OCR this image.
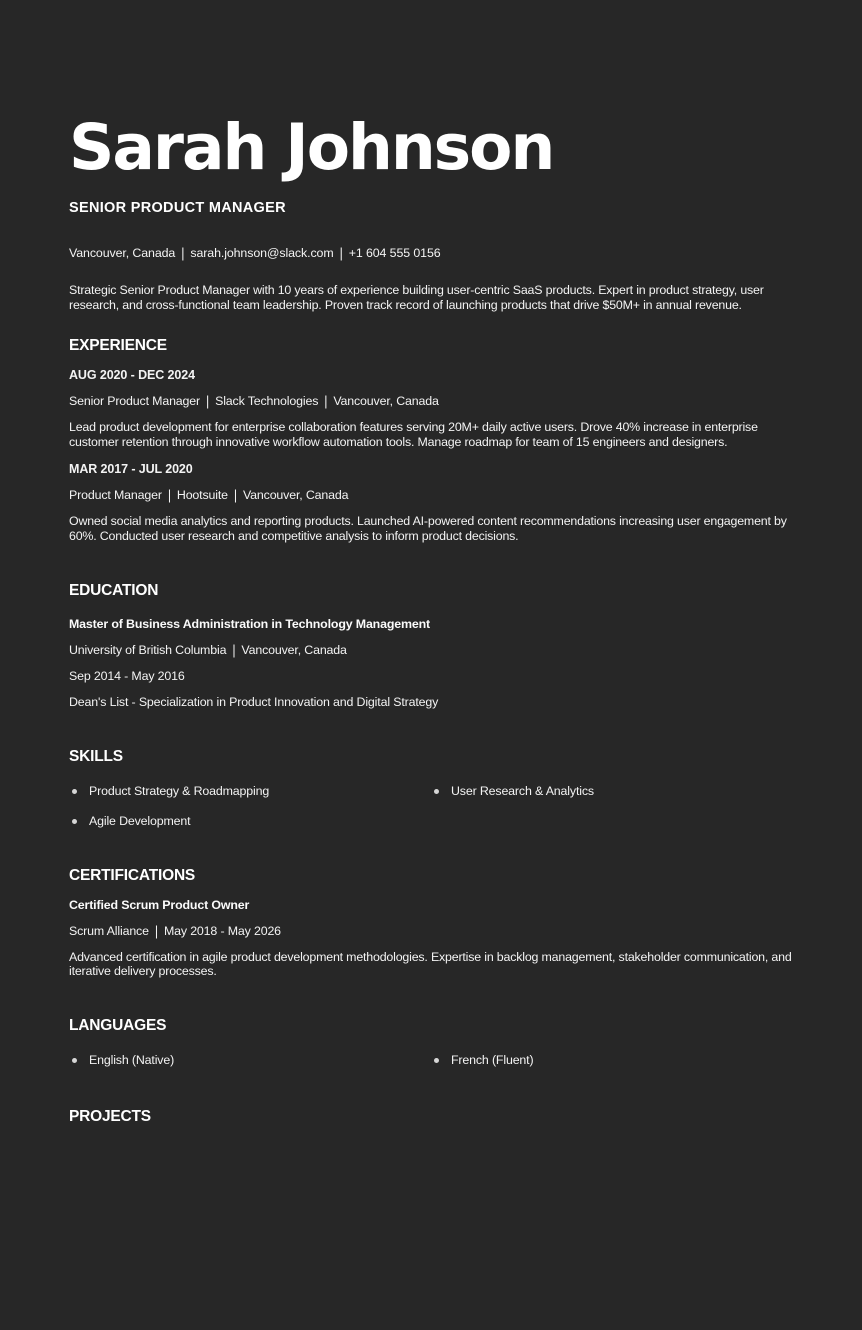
Sarah Johnson
SENIOR PRODUCT MANAGER
Vancouver, Canada | sarah.johnson@slack.com | +1 604 555 0156

Strategic Senior Product Manager with 10 years of experience building user-centric SaaS products. Expert in product strategy, user research, and cross-functional team leadership. Proven track record of launching products that drive $50M+ in annual revenue.

EXPERIENCE
AUG 2020 - DEC 2024
Senior Product Manager | Slack Technologies | Vancouver, Canada

Lead product development for enterprise collaboration features serving 20M+ daily active users. Drove 40% increase in enterprise customer retention through innovative workflow automation tools. Manage roadmap for team of 15 engineers and designers.

MAR 2017 - JUL 2020
Product Manager | Hootsuite | Vancouver, Canada

Owned social media analytics and reporting products. Launched AI-powered content recommendations increasing user engagement by 60%. Conducted user research and competitive analysis to inform product decisions.

EDUCATION
Master of Business Administration in Technology Management
University of British Columbia | Vancouver, Canada
Sep 2014 - May 2016
Dean's List - Specialization in Product Innovation and Digital Strategy
SKILLS
Product Strategy & Roadmapping	User Research & Analytics
Agile Development
CERTIFICATIONS
Certified Scrum Product Owner
Scrum Alliance | May 2018 - May 2026

Advanced certification in agile product development methodologies. Expertise in backlog management, stakeholder communication, and iterative delivery processes.

LANGUAGES
English (Native)	French (Fluent)
PROJECTS
